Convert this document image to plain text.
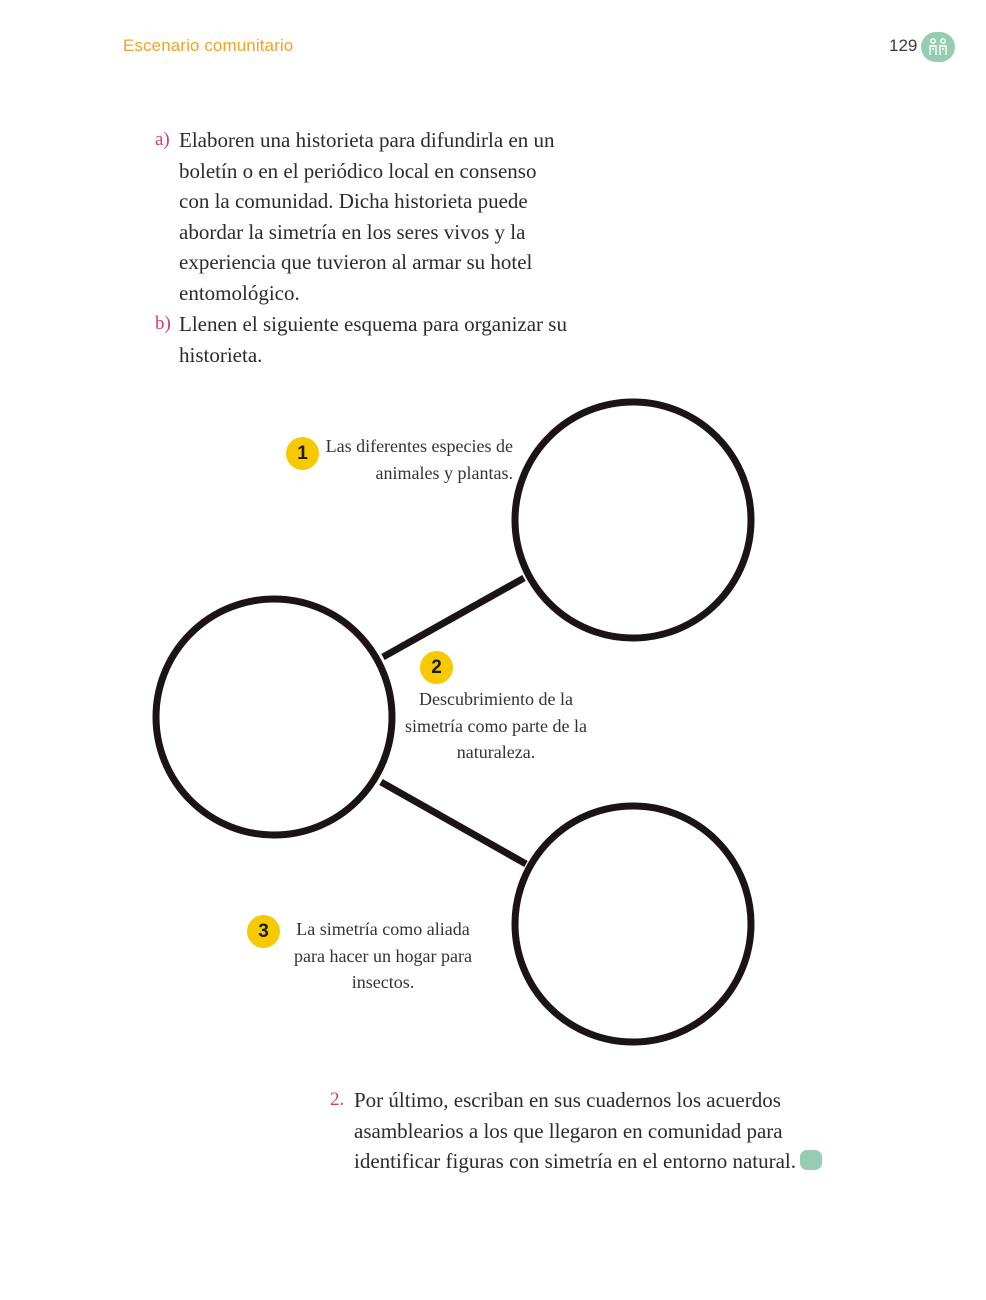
Escenario comunitario	129
a) Elaboren una historieta para difundirla en un boletín o en el periódico local en consenso con la comunidad. Dicha historieta puede abordar la simetría en los seres vivos y la experiencia que tuvieron al armar su hotel entomológico.
b) Llenen el siguiente esquema para organizar su historieta.
1 Las diferentes especies de animales y plantas.
2
Descubrimiento de la simetría como parte de la naturaleza.
3	La simetría como aliada para hacer un hogar para insectos.
2. Por último, escriban en sus cuadernos los acuerdos asamblearios a los que llegaron en comunidad para identificar figuras con simetría en el entorno natural.
